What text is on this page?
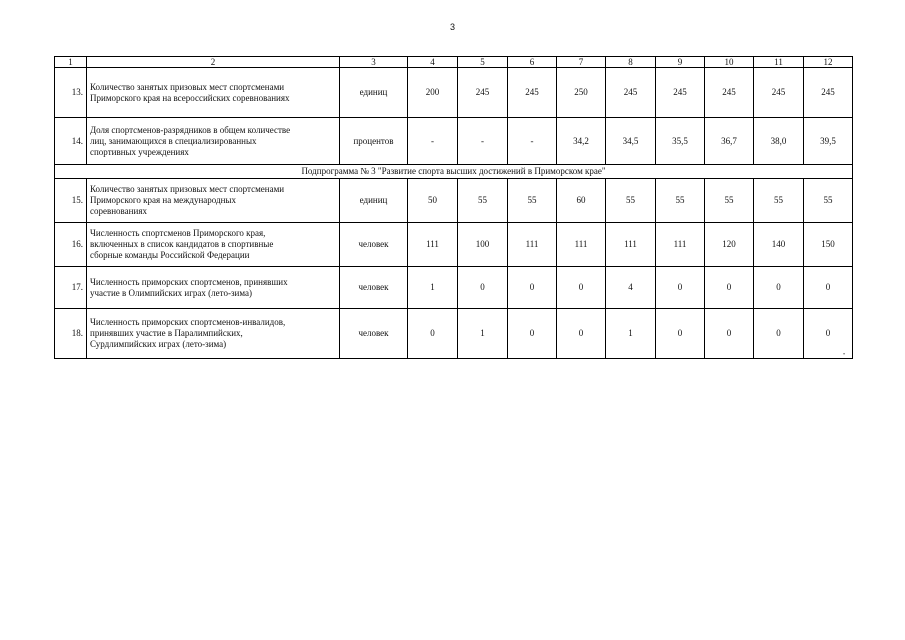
3
1	2	3	4	5	6	7	8	9	10	11	12
13.	Количество занятых призовых мест спортсменами
Приморского края на всероссийских соревнованиях	единиц	200	245	245	250	245	245	245	245	245
14.	Доля спортсменов-разрядников в общем количестве
лиц, занимающихся в специализированных
спортивных учреждениях	процентов	-	-	-	34,2	34,5	35,5	36,7	38,0	39,5
Подпрограмма № 3 "Развитие спорта высших достижений в Приморском крае"											
15.	Количество занятых призовых мест спортсменами
Приморского края на международных
соревнованиях	единиц	50	55	55	60	55	55	55	55	55
16.	Численность спортсменов Приморского края,
включенных в список кандидатов в спортивные
сборные команды Российской Федерации	человек	111	100	111	111	111	111	120	140	150
17.	Численность приморских спортсменов, принявших
участие в Олимпийских играх (лето-зима)	человек	1	0	0	0	4	0	0	0	0
18.	Численность приморских спортсменов-инвалидов,
принявших участие в Паралимпийских,
Сурдлимпийских играх (лето-зима)	человек	0	1	0	0	1	0	0	0	0
•
